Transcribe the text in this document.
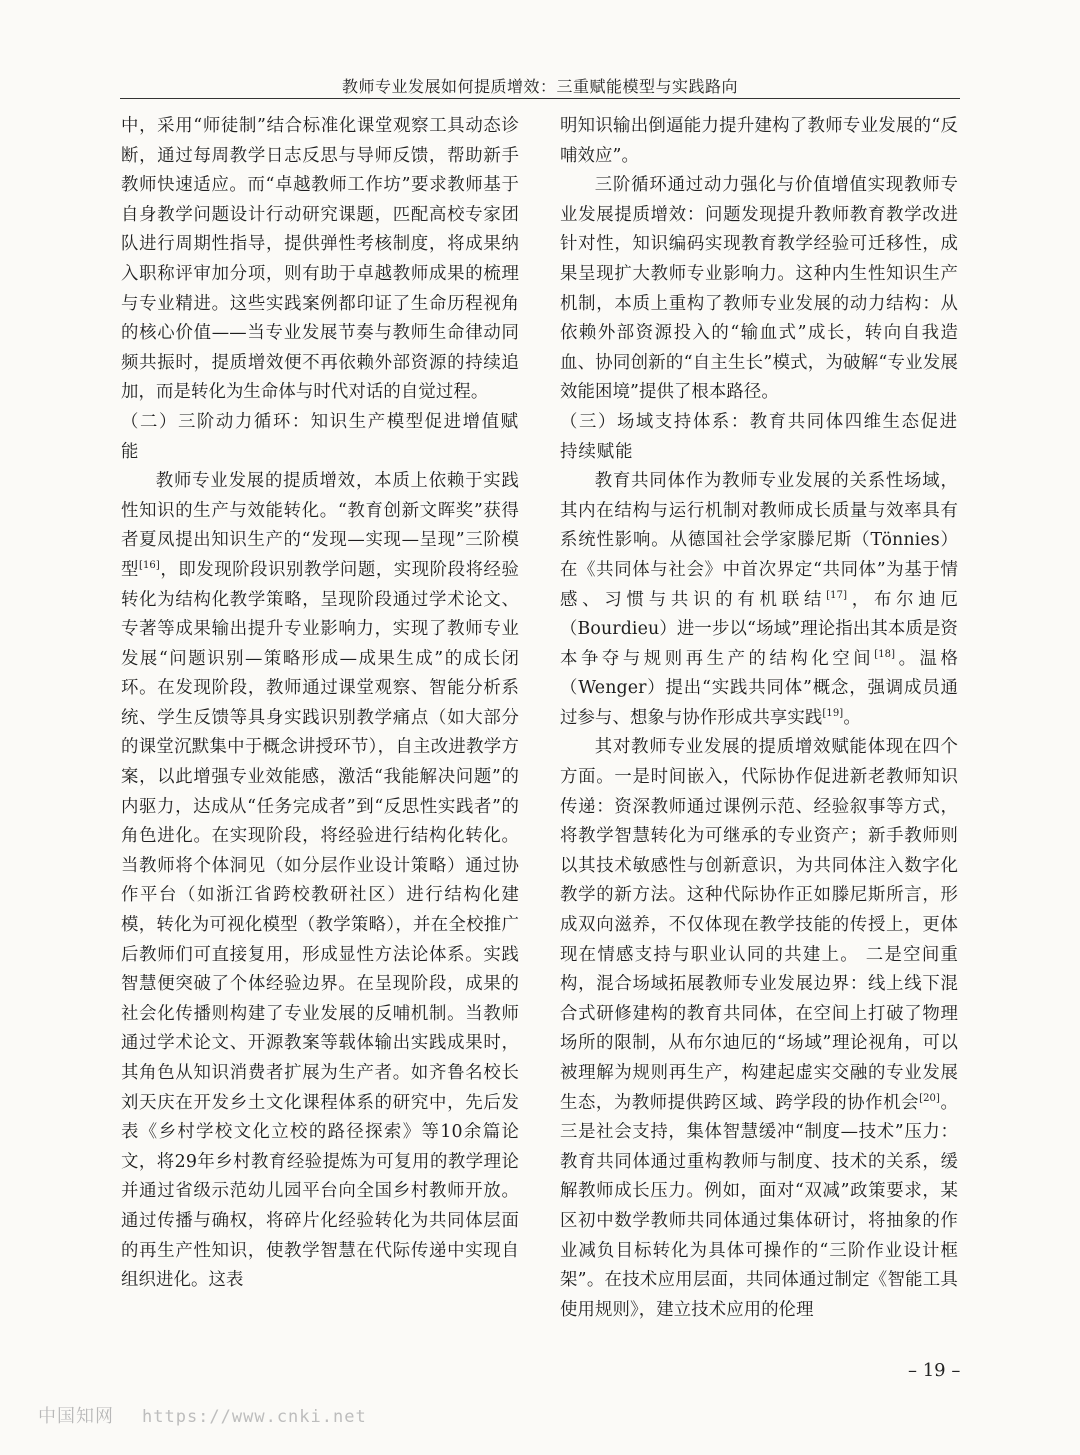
教师专业发展如何提质增效：三重赋能模型与实践路向

中，采用“师徒制”结合标准化课堂观察工具动态诊断，通过每周教学日志反思与导师反馈，帮助新手教师快速适应。而“卓越教师工作坊”要求教师基于自身教学问题设计行动研究课题，匹配高校专家团队进行周期性指导，提供弹性考核制度，将成果纳入职称评审加分项，则有助于卓越教师成果的梳理与专业精进。这些实践案例都印证了生命历程视角的核心价值——当专业发展节奏与教师生命律动同频共振时，提质增效便不再依赖外部资源的持续追加，而是转化为生命体与时代对话的自觉过程。

（二）三阶动力循环：知识生产模型促进增值赋能

教师专业发展的提质增效，本质上依赖于实践性知识的生产与效能转化。“教育创新文晖奖”获得者夏凤提出知识生产的“发现—实现—呈现”三阶模型[16]，即发现阶段识别教学问题，实现阶段将经验转化为结构化教学策略，呈现阶段通过学术论文、专著等成果输出提升专业影响力，实现了教师专业发展“问题识别—策略形成—成果生成”的成长闭环。在发现阶段，教师通过课堂观察、智能分析系统、学生反馈等具身实践识别教学痛点（如大部分的课堂沉默集中于概念讲授环节），自主改进教学方案，以此增强专业效能感，激活“我能解决问题”的内驱力，达成从“任务完成者”到“反思性实践者”的角色进化。在实现阶段，将经验进行结构化转化。当教师将个体洞见（如分层作业设计策略）通过协作平台（如浙江省跨校教研社区）进行结构化建模，转化为可视化模型（教学策略），并在全校推广后教师们可直接复用，形成显性方法论体系。实践智慧便突破了个体经验边界。在呈现阶段，成果的社会化传播则构建了专业发展的反哺机制。当教师通过学术论文、开源教案等载体输出实践成果时，其角色从知识消费者扩展为生产者。如齐鲁名校长刘天庆在开发乡土文化课程体系的研究中，先后发表《乡村学校文化立校的路径探索》等10余篇论文，将29年乡村教育经验提炼为可复用的教学理论并通过省级示范幼儿园平台向全国乡村教师开放。通过传播与确权，将碎片化经验转化为共同体层面的再生产性知识，使教学智慧在代际传递中实现自组织进化。这表

明知识输出倒逼能力提升建构了教师专业发展的“反哺效应”。

三阶循环通过动力强化与价值增值实现教师专业发展提质增效：问题发现提升教师教育教学改进针对性，知识编码实现教育教学经验可迁移性，成果呈现扩大教师专业影响力。这种内生性知识生产机制，本质上重构了教师专业发展的动力结构：从依赖外部资源投入的“输血式”成长，转向自我造血、协同创新的“自主生长”模式，为破解“专业发展效能困境”提供了根本路径。

（三）场域支持体系：教育共同体四维生态促进持续赋能

教育共同体作为教师专业发展的关系性场域，其内在结构与运行机制对教师成长质量与效率具有系统性影响。从德国社会学家滕尼斯（Tönnies）在《共同体与社会》中首次界定“共同体”为基于情感、习惯与共识的有机联结[17]，布尔迪厄（Bourdieu）进一步以“场域”理论指出其本质是资本争夺与规则再生产的结构化空间[18]。温格（Wenger）提出“实践共同体”概念，强调成员通过参与、想象与协作形成共享实践[19]。

其对教师专业发展的提质增效赋能体现在四个方面。一是时间嵌入，代际协作促进新老教师知识传递：资深教师通过课例示范、经验叙事等方式，将教学智慧转化为可继承的专业资产；新手教师则以其技术敏感性与创新意识，为共同体注入数字化教学的新方法。这种代际协作正如滕尼斯所言，形成双向滋养，不仅体现在教学技能的传授上，更体现在情感支持与职业认同的共建上。 二是空间重构，混合场域拓展教师专业发展边界：线上线下混合式研修建构的教育共同体，在空间上打破了物理场所的限制，从布尔迪厄的“场域”理论视角，可以被理解为规则再生产，构建起虚实交融的专业发展生态，为教师提供跨区域、跨学段的协作机会[20]。三是社会支持，集体智慧缓冲“制度—技术”压力：教育共同体通过重构教师与制度、技术的关系，缓解教师成长压力。例如，面对“双减”政策要求，某区初中数学教师共同体通过集体研讨，将抽象的作业减负目标转化为具体可操作的“三阶作业设计框架”。在技术应用层面，共同体通过制定《智能工具使用规则》，建立技术应用的伦理

– 19 –
中国知网 https://www.cnki.net
